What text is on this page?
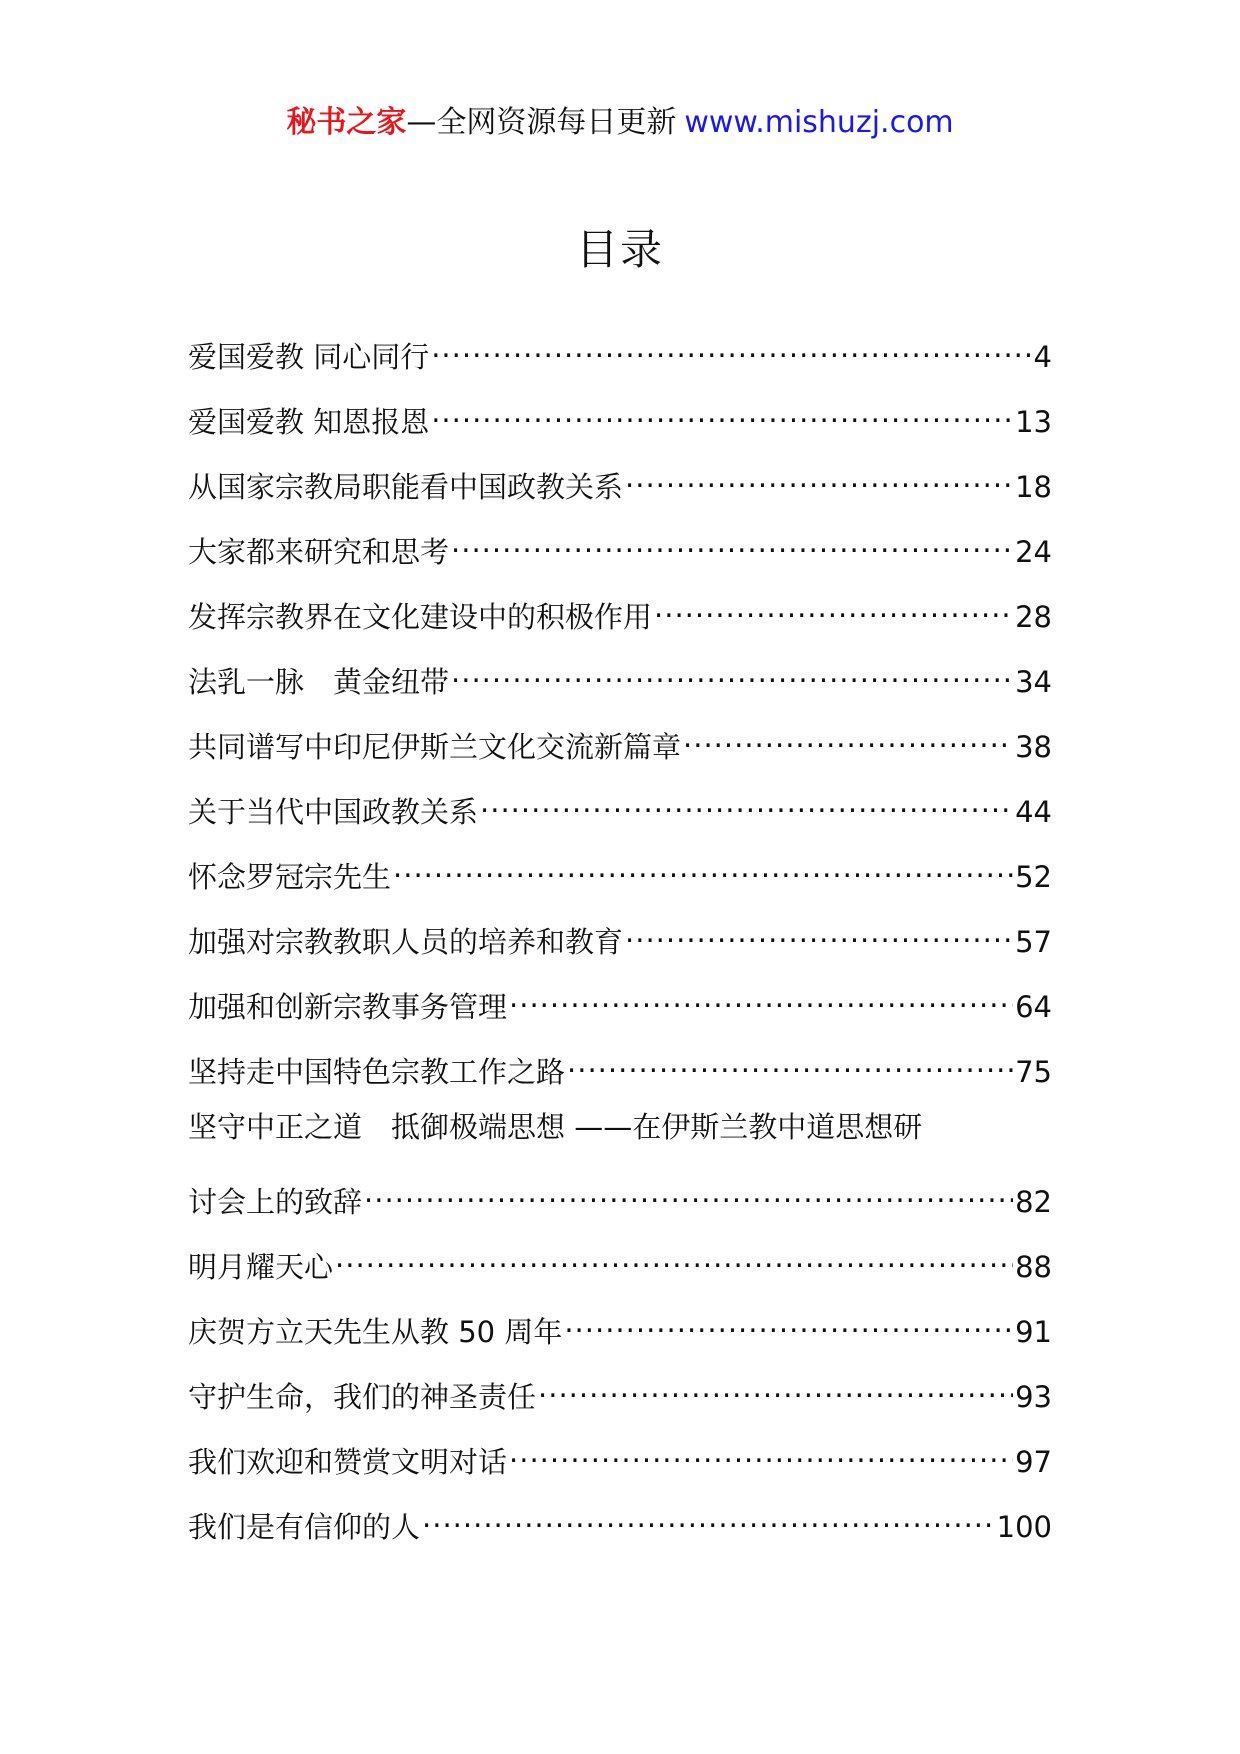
秘书之家—全网资源每日更新 www.mishuzj.com
目录
爱国爱教 同心同行 .....	4
爱国爱教 知恩报恩 .....	13
从国家宗教局职能看中国政教关系 .....	18
大家都来研究和思考 .....	24
发挥宗教界在文化建设中的积极作用 .....	28
法乳一脉　黄金纽带 .....	34
共同谱写中印尼伊斯兰文化交流新篇章 .....	38
关于当代中国政教关系 .....	44
怀念罗冠宗先生 .....	52
加强对宗教教职人员的培养和教育 .....	57
加强和创新宗教事务管理 .....	64
坚持走中国特色宗教工作之路 .....	75
坚守中正之道　抵御极端思想 ——在伊斯兰教中道思想研
讨会上的致辞 .....	82
明月耀天心 .....	88
庆贺方立天先生从教 50 周年 .....	91
守护生命，我们的神圣责任 .....	93
我们欢迎和赞赏文明对话 .....	97
我们是有信仰的人 .....	100
